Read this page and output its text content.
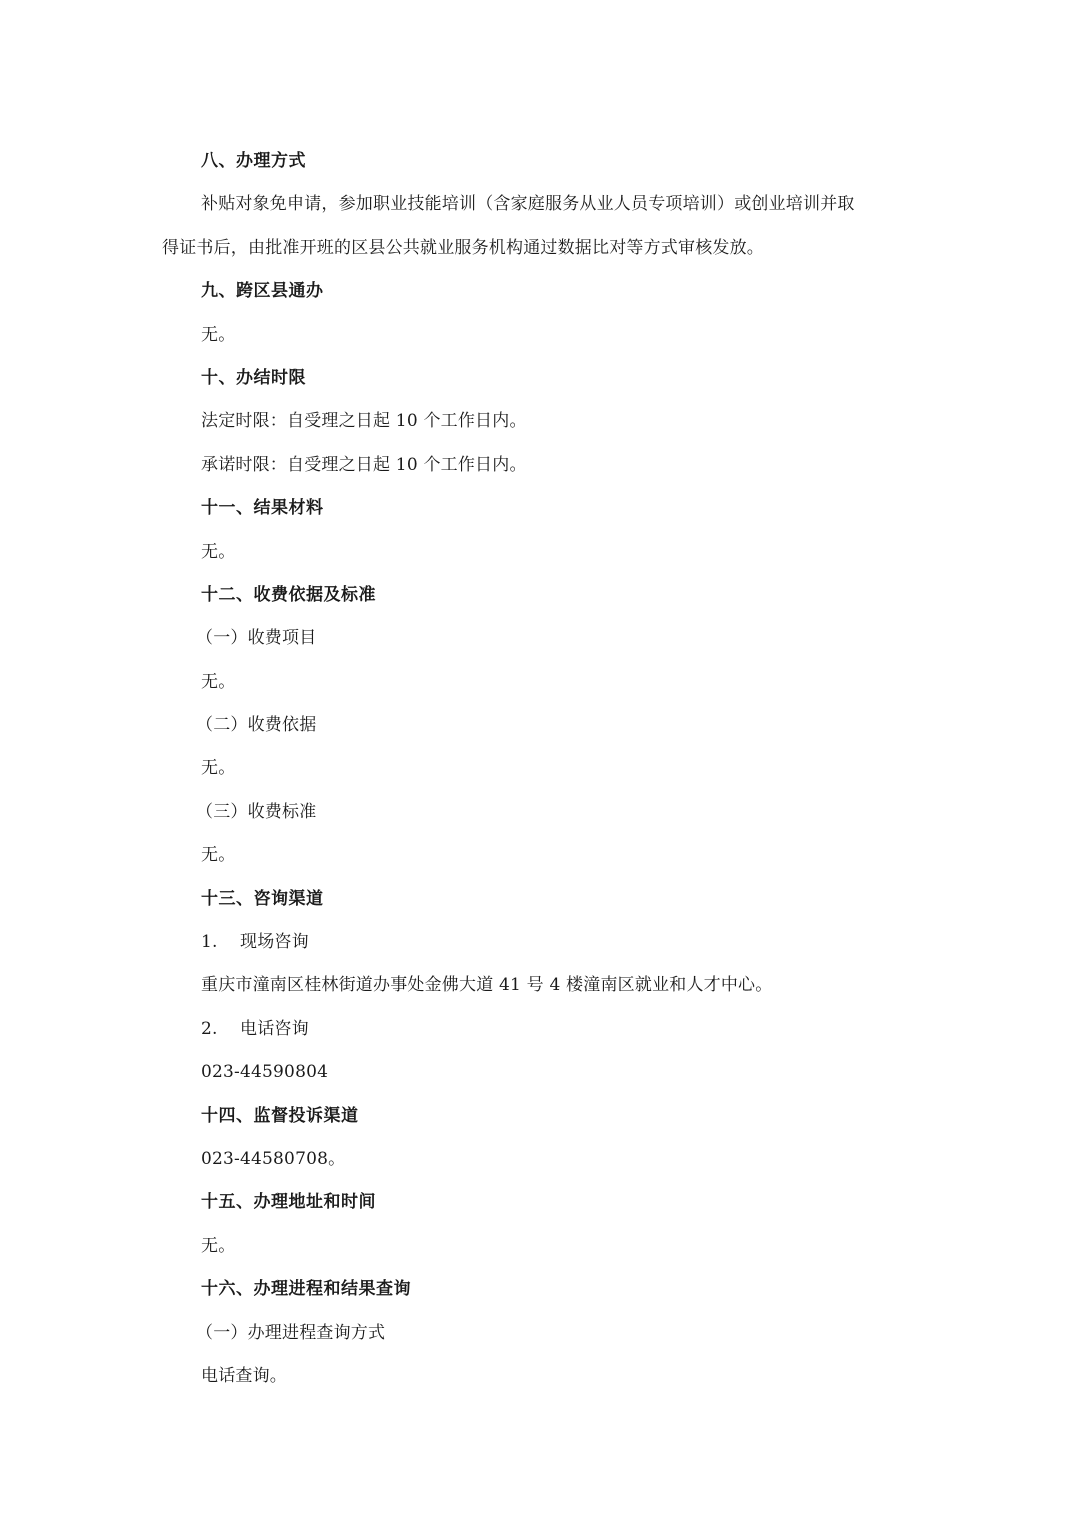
八、办理方式
补贴对象免申请，参加职业技能培训（含家庭服务从业人员专项培训）或创业培训并取
得证书后，由批准开班的区县公共就业服务机构通过数据比对等方式审核发放。
九、跨区县通办
无。
十、办结时限
法定时限：自受理之日起 10 个工作日内。
承诺时限：自受理之日起 10 个工作日内。
十一、结果材料
无。
十二、收费依据及标准
（一）收费项目
无。
（二）收费依据
无。
（三）收费标准
无。
十三、咨询渠道
1.    现场咨询
重庆市潼南区桂林街道办事处金佛大道 41 号 4 楼潼南区就业和人才中心。
2.    电话咨询
023-44590804
十四、监督投诉渠道
023-44580708。
十五、办理地址和时间
无。
十六、办理进程和结果查询
（一）办理进程查询方式
电话查询。
